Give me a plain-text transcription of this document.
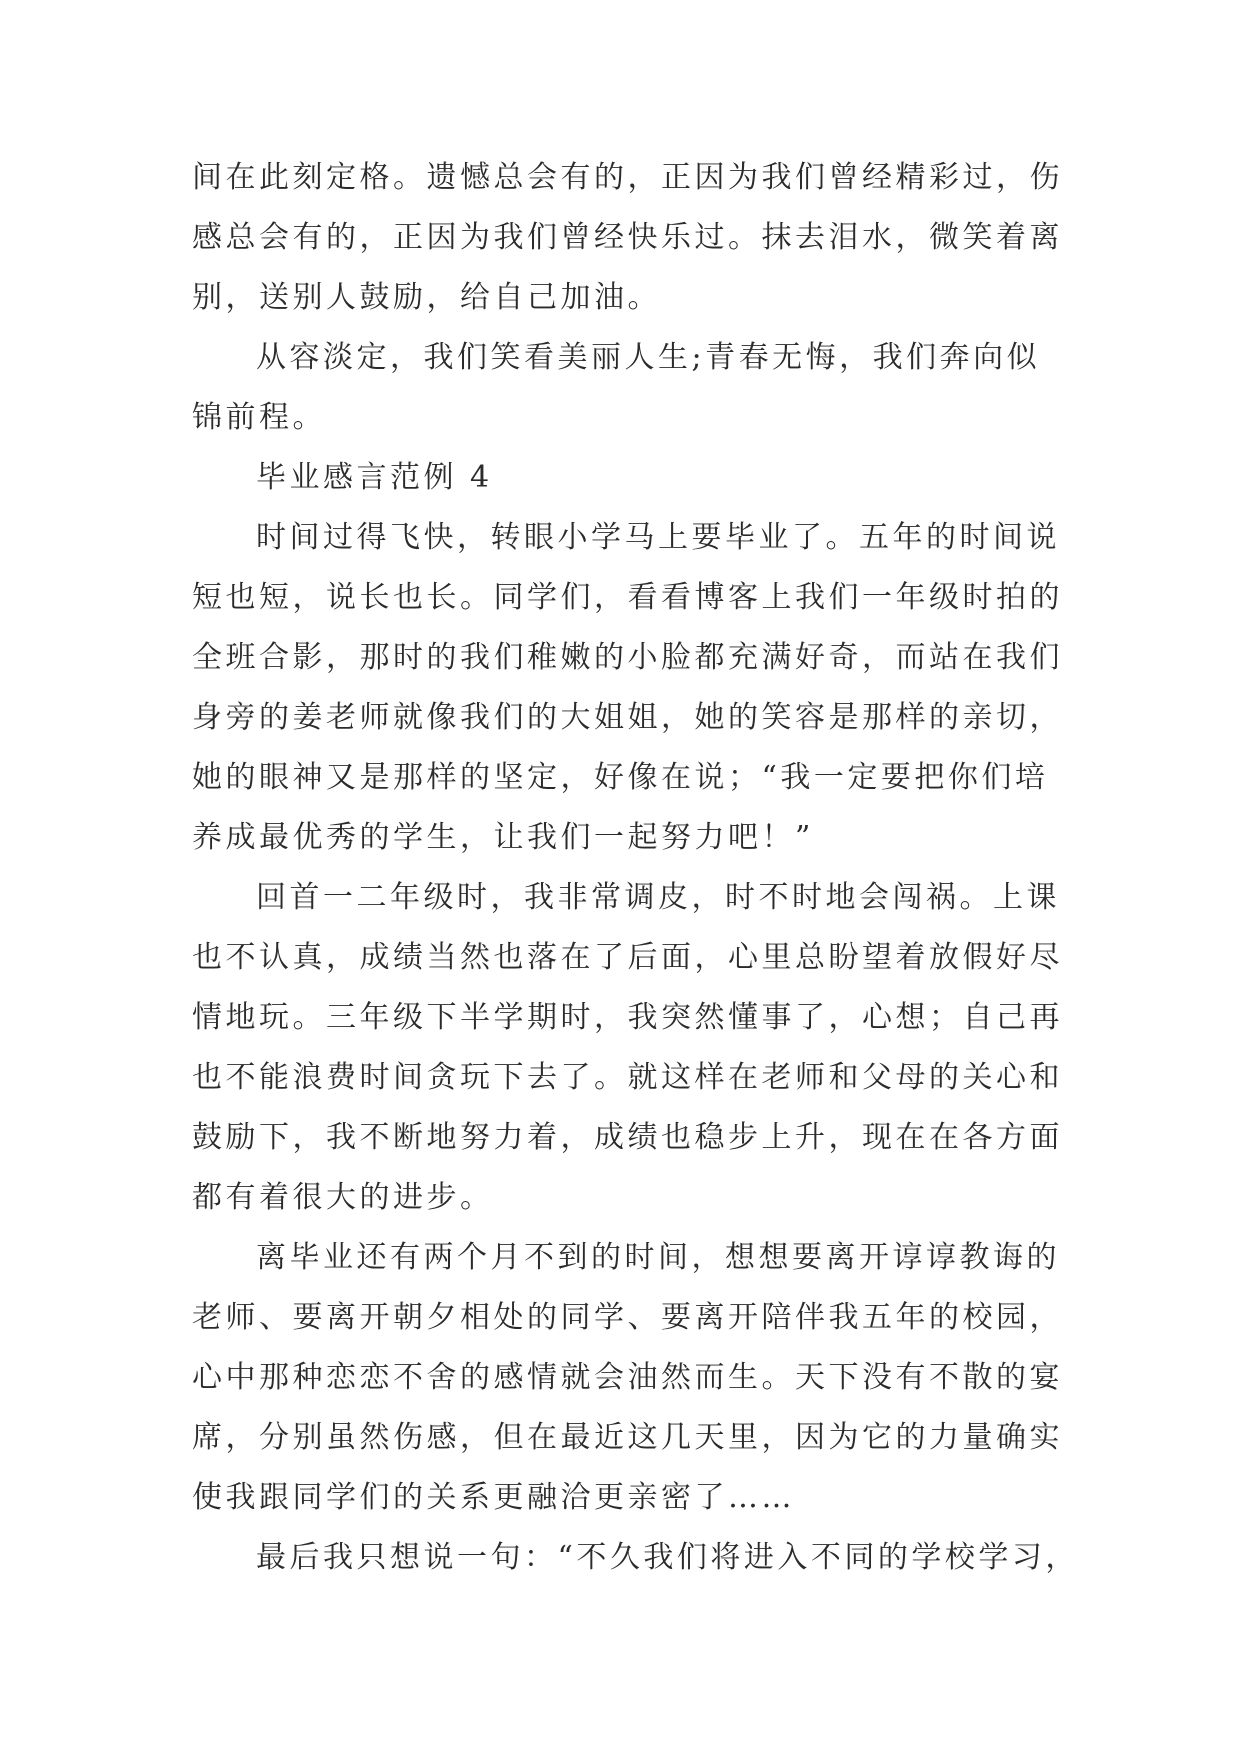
间在此刻定格。遗憾总会有的，正因为我们曾经精彩过，伤
感总会有的，正因为我们曾经快乐过。抹去泪水，微笑着离
别，送别人鼓励，给自己加油。
从容淡定，我们笑看美丽人生;青春无悔，我们奔向似
锦前程。
毕业感言范例 4
时间过得飞快，转眼小学马上要毕业了。五年的时间说
短也短，说长也长。同学们，看看博客上我们一年级时拍的
全班合影，那时的我们稚嫩的小脸都充满好奇，而站在我们
身旁的姜老师就像我们的大姐姐，她的笑容是那样的亲切，
她的眼神又是那样的坚定，好像在说；“我一定要把你们培
养成最优秀的学生，让我们一起努力吧！”
回首一二年级时，我非常调皮，时不时地会闯祸。上课
也不认真，成绩当然也落在了后面，心里总盼望着放假好尽
情地玩。三年级下半学期时，我突然懂事了，心想；自己再
也不能浪费时间贪玩下去了。就这样在老师和父母的关心和
鼓励下，我不断地努力着，成绩也稳步上升，现在在各方面
都有着很大的进步。
离毕业还有两个月不到的时间，想想要离开谆谆教诲的
老师、要离开朝夕相处的同学、要离开陪伴我五年的校园，
心中那种恋恋不舍的感情就会油然而生。天下没有不散的宴
席，分别虽然伤感，但在最近这几天里，因为它的力量确实
使我跟同学们的关系更融洽更亲密了……
最后我只想说一句：“不久我们将进入不同的学校学习，
